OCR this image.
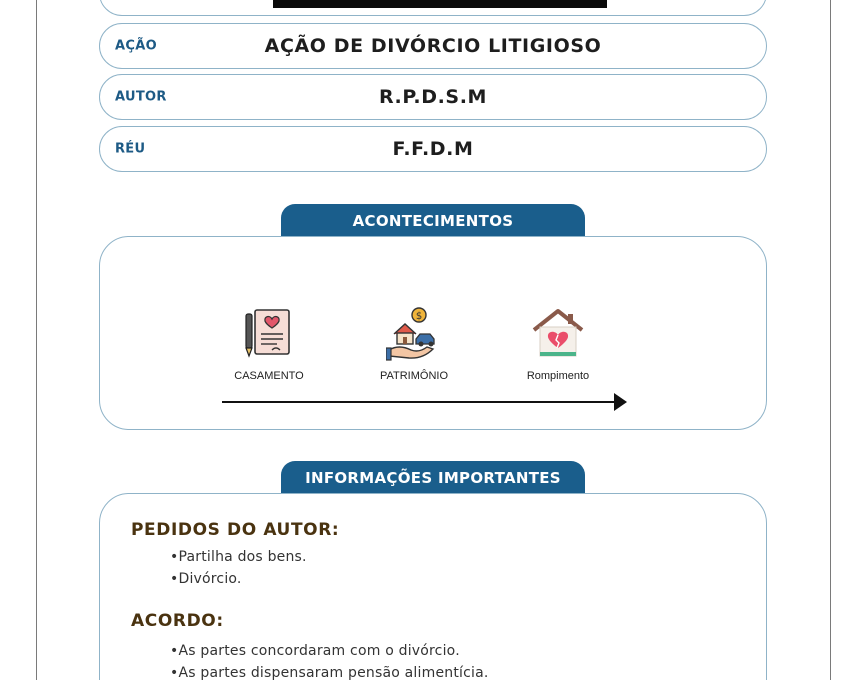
AÇÃO	AÇÃO DE DIVÓRCIO LITIGIOSO
AUTOR	R.P.D.S.M
RÉU	F.F.D.M
ACONTECIMENTOS
CASAMENTO
$
PATRIMÔNIO	Rompimento
INFORMAÇÕES IMPORTANTES
PEDIDOS DO AUTOR:
•Partilha dos bens.
•Divórcio.
ACORDO:
•As partes concordaram com o divórcio.
•As partes dispensaram pensão alimentícia.
